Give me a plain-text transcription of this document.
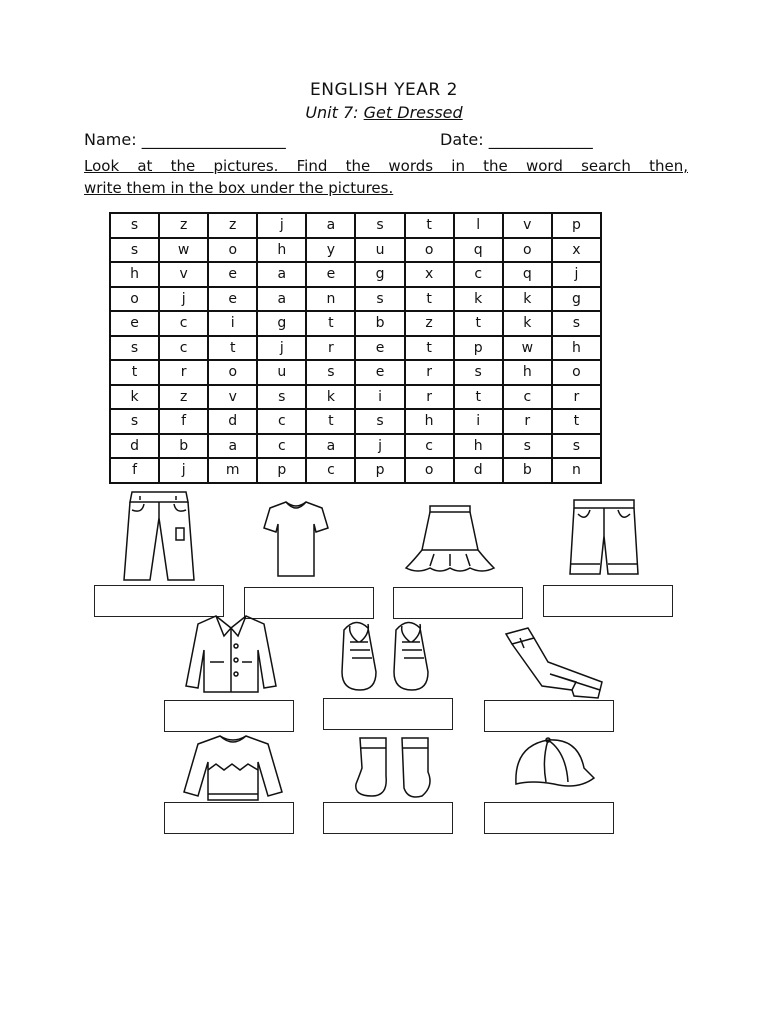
ENGLISH YEAR 2
Unit 7: Get Dressed
Name: __________________	Date: _____________
Look at the pictures. Find the words in the word search then,
write them in the box under the pictures.
s	z	z	j	a	s	t	l	v	p
s	w	o	h	y	u	o	q	o	x
h	v	e	a	e	g	x	c	q	j
o	j	e	a	n	s	t	k	k	g
e	c	i	g	t	b	z	t	k	s
s	c	t	j	r	e	t	p	w	h
t	r	o	u	s	e	r	s	h	o
k	z	v	s	k	i	r	t	c	r
s	f	d	c	t	s	h	i	r	t
d	b	a	c	a	j	c	h	s	s
f	j	m	p	c	p	o	d	b	n
